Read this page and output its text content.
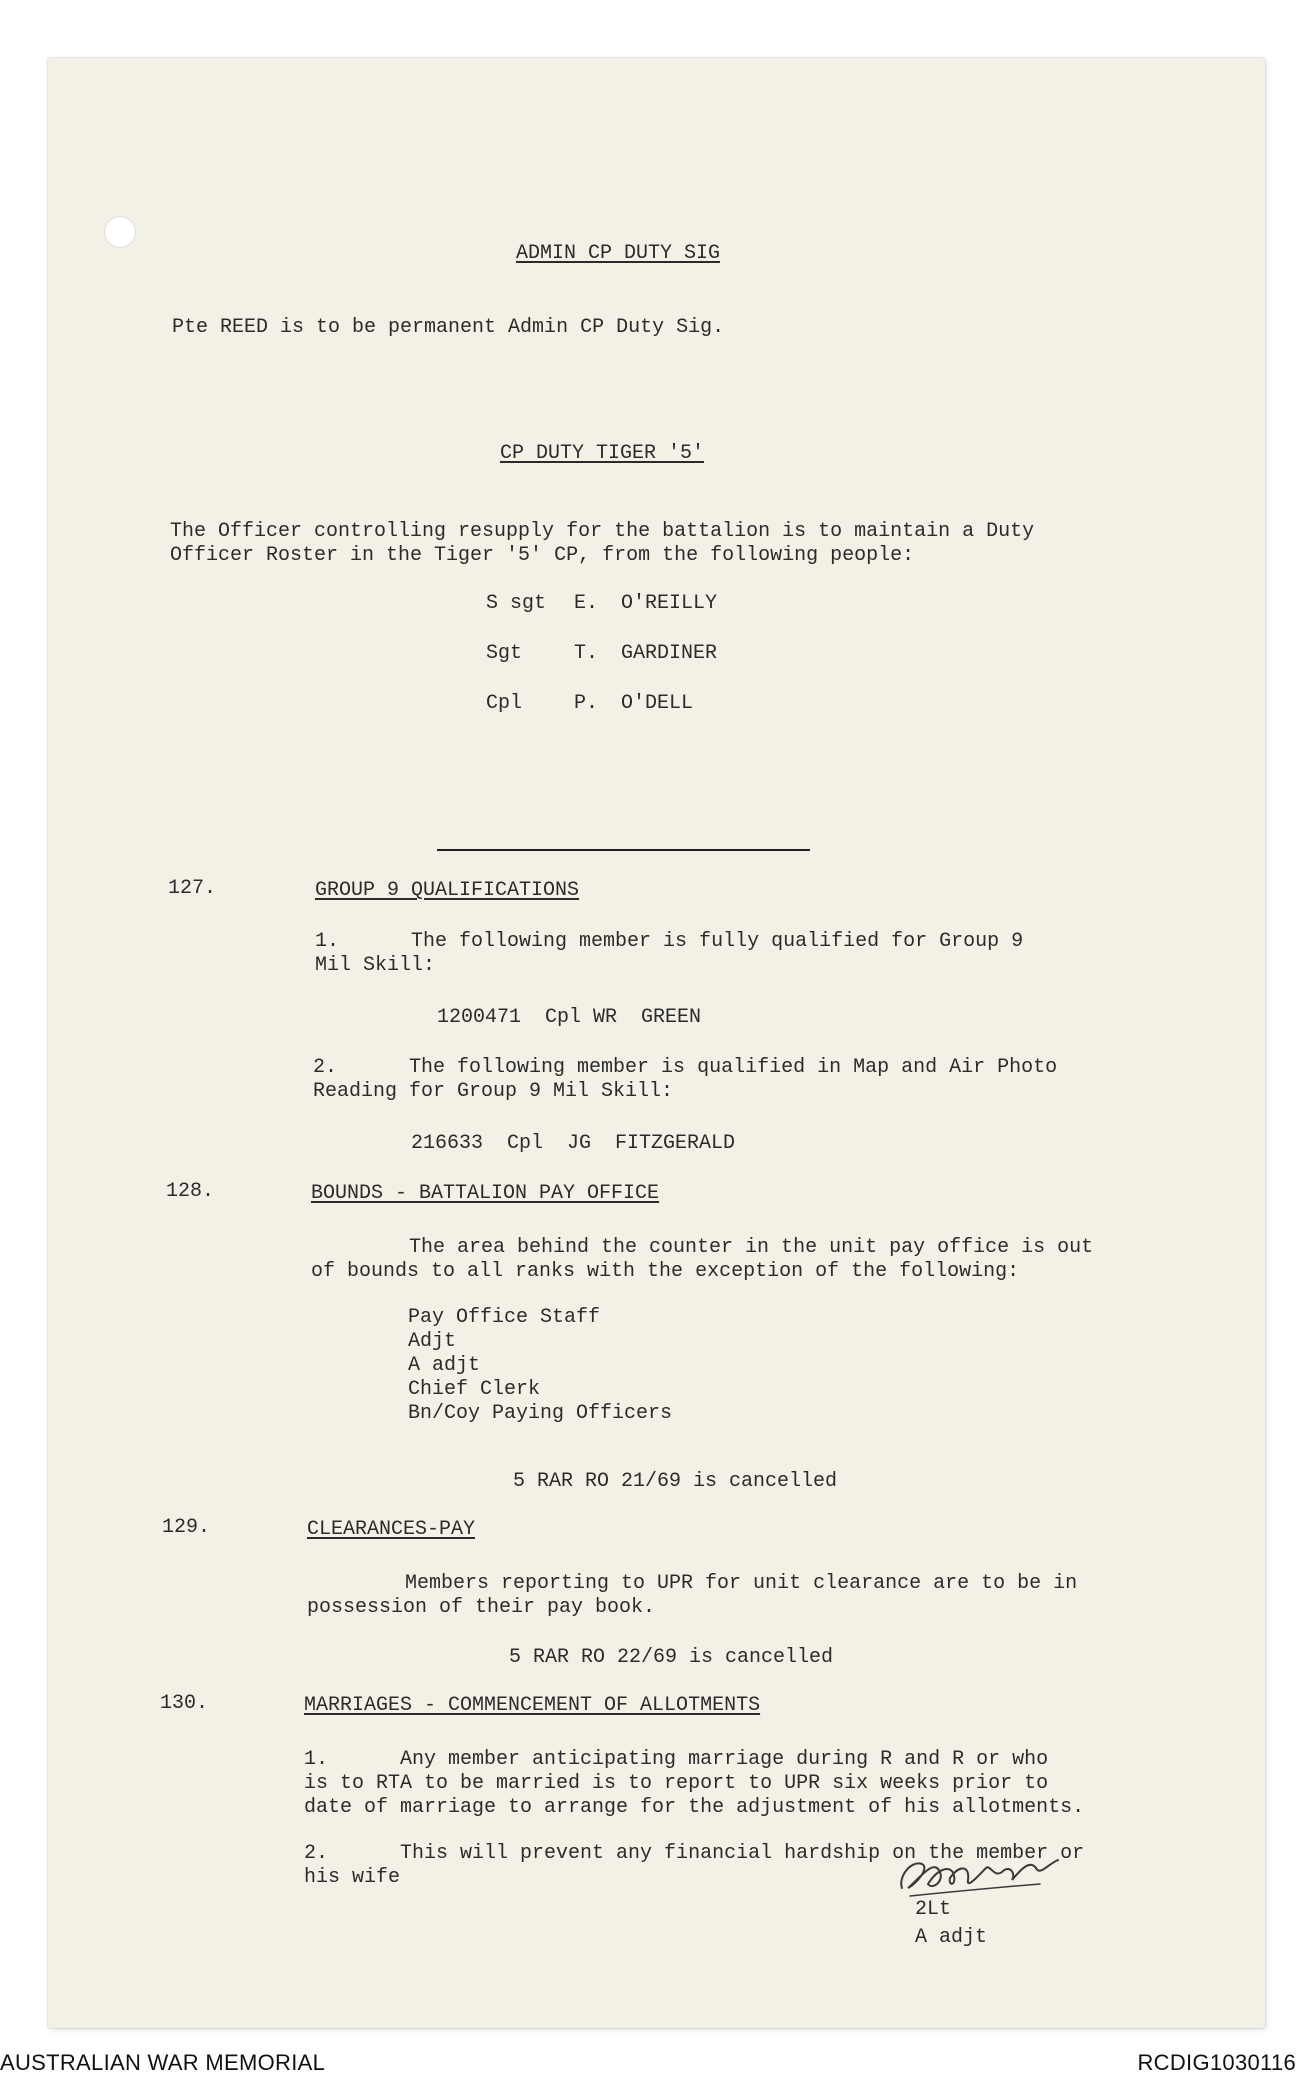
ADMIN CP DUTY SIG
Pte REED is to be permanent Admin CP Duty Sig.
CP DUTY TIGER '5'
The Officer controlling resupply for the battalion is to maintain a Duty
Officer Roster in the Tiger '5' CP, from the following people:
S sgt E. O'REILLY
Sgt	T. GARDINER
Cpl	P. O'DELL
127.	GROUP 9 QUALIFICATIONS
1.      The following member is fully qualified for Group 9
Mil Skill:
1200471  Cpl WR  GREEN
2.      The following member is qualified in Map and Air Photo
Reading for Group 9 Mil Skill:
216633  Cpl  JG  FITZGERALD
128.	BOUNDS - BATTALION PAY OFFICE
The area behind the counter in the unit pay office is out
of bounds to all ranks with the exception of the following:
Pay Office Staff
Adjt
A adjt
Chief Clerk
Bn/Coy Paying Officers
5 RAR RO 21/69 is cancelled
129.	CLEARANCES-PAY
Members reporting to UPR for unit clearance are to be in
possession of their pay book.
5 RAR RO 22/69 is cancelled
130.	MARRIAGES - COMMENCEMENT OF ALLOTMENTS
1.      Any member anticipating marriage during R and R or who
is to RTA to be married is to report to UPR six weeks prior to
date of marriage to arrange for the adjustment of his allotments.
2.      This will prevent any financial hardship on the member or
his wife
2Lt
A adjt
AUSTRALIAN WAR MEMORIAL	RCDIG1030116
